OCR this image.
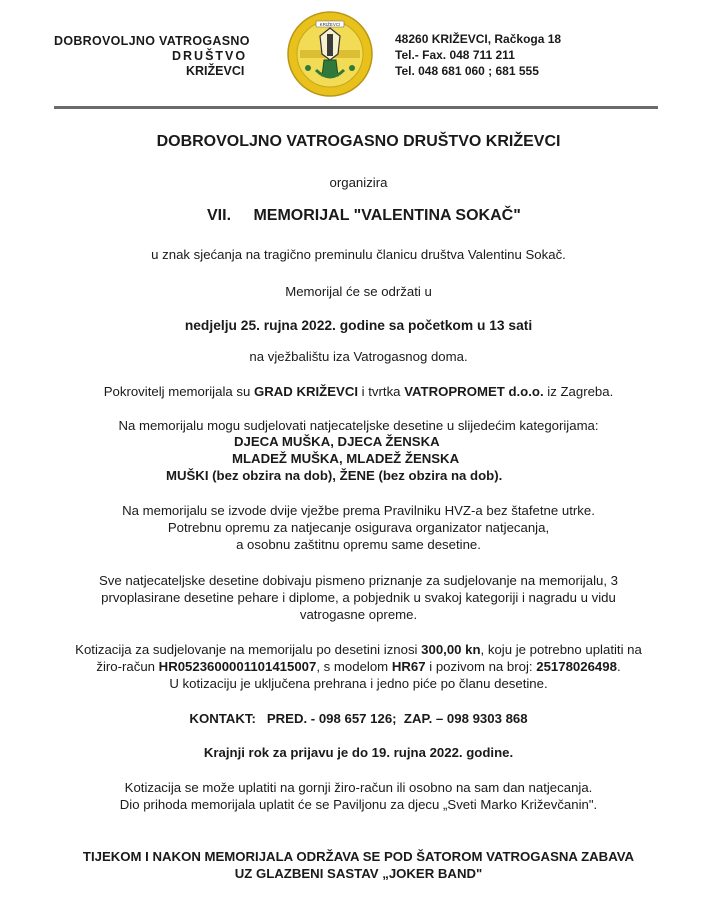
DOBROVOLJNO VATROGASNO
DRUŠTVO
KRIŽEVCI
KRIŽEVCI
48260 KRIŽEVCI, Račkoga 18
Tel.- Fax. 048 711 211
Tel. 048 681 060 ; 681 555
DOBROVOLJNO VATROGASNO DRUŠTVO KRIŽEVCI
organizira
VII. MEMORIJAL "VALENTINA SOKAČ"
u znak sjećanja na tragično preminulu članicu društva Valentinu Sokač.
Memorijal će se održati u
nedjelju 25. rujna 2022. godine sa početkom u 13 sati
na vježbalištu iza Vatrogasnog doma.
Pokrovitelj memorijala su GRAD KRIŽEVCI i tvrtka VATROPROMET d.o.o. iz Zagreba.
Na memorijalu mogu sudjelovati natjecateljske desetine u slijedećim kategorijama:
DJECA MUŠKA, DJECA ŽENSKA
MLADEŽ MUŠKA, MLADEŽ ŽENSKA
MUŠKI (bez obzira na dob), ŽENE (bez obzira na dob).
Na memorijalu se izvode dvije vježbe prema Pravilniku HVZ-a bez štafetne utrke.
Potrebnu opremu za natjecanje osigurava organizator natjecanja,
a osobnu zaštitnu opremu same desetine.
Sve natjecateljske desetine dobivaju pismeno priznanje za sudjelovanje na memorijalu, 3
prvoplasirane desetine pehare i diplome, a pobjednik u svakoj kategoriji i nagradu u vidu
vatrogasne opreme.
Kotizacija za sudjelovanje na memorijalu po desetini iznosi 300,00 kn, koju je potrebno uplatiti na
žiro-račun HR0523600001101415007, s modelom HR67 i pozivom na broj: 25178026498.
U kotizaciju je uključena prehrana i jedno piće po članu desetine.
KONTAKT:   PRED. - 098 657 126;  ZAP. – 098 9303 868
Krajnji rok za prijavu je do 19. rujna 2022. godine.
Kotizacija se može uplatiti na gornji žiro-račun ili osobno na sam dan natjecanja.
Dio prihoda memorijala uplatit će se Paviljonu za djecu „Sveti Marko Križevčanin".
TIJEKOM I NAKON MEMORIJALA ODRŽAVA SE POD ŠATOROM VATROGASNA ZABAVA
UZ GLAZBENI SASTAV „JOKER BAND"
